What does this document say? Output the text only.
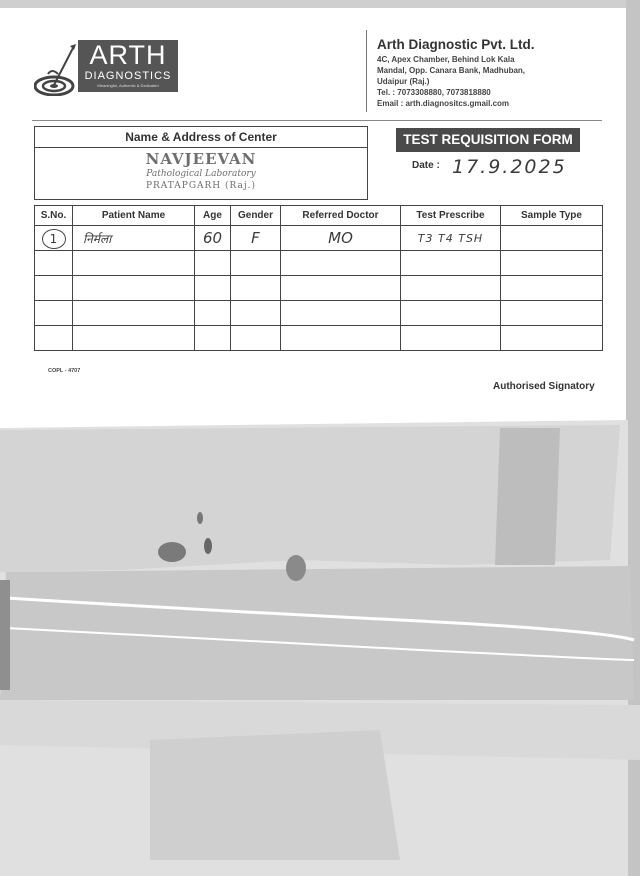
ARTH
DIAGNOSTICS
Meaningful, Authentic & Dedicated
Arth Diagnostic Pvt. Ltd.
4C, Apex Chamber, Behind Lok Kala
Mandal, Opp. Canara Bank, Madhuban,
Udaipur (Raj.)
Tel. : 7073308880, 7073818880
Email : arth.diagnositcs.gmail.com
Name & Address of Center
NAVJEEVAN
Pathological Laboratory
PRATAPGARH (Raj.)
TEST REQUISITION FORM
Date : 17.9.2025
S.No.	Patient Name	Age	Gender	Referred Doctor	Test Prescribe	Sample Type
1	निर्मला	60	F	MO	T3 T4 TSH	

COPL - 4707
Authorised Signatory
